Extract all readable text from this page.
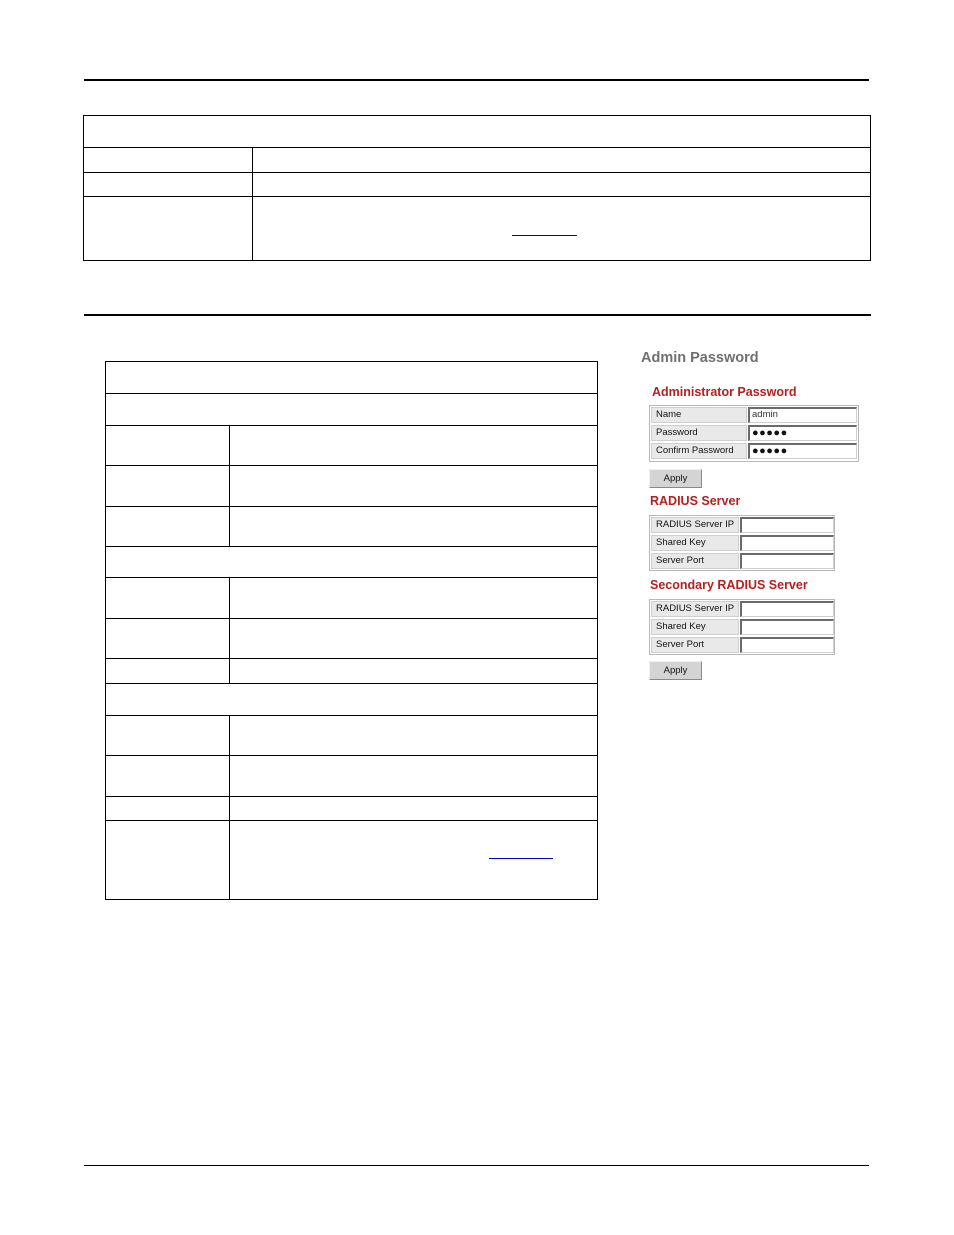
Admin Password
Administrator Password
Name	admin
Password	●●●●●
Confirm Password	●●●●●
Apply
RADIUS Server
RADIUS Server IP
Shared Key
Server Port
Secondary RADIUS Server
RADIUS Server IP
Shared Key
Server Port
Apply
